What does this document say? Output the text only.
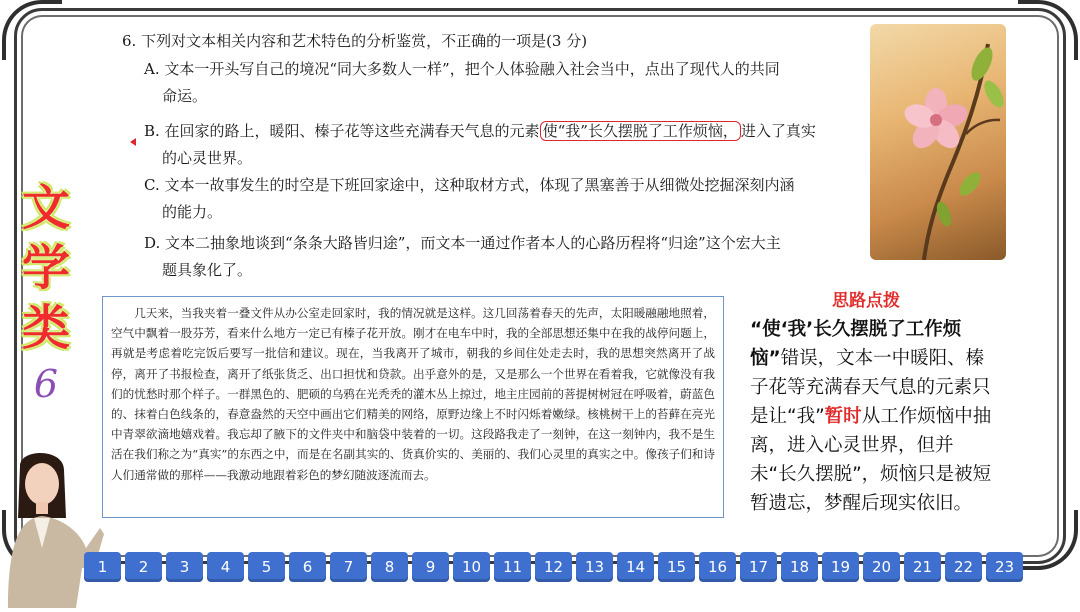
6. 下列对文本相关内容和艺术特色的分析鉴赏，不正确的一项是(3 分)
A. 文本一开头写自己的境况“同大多数人一样”，把个人体验融入社会当中，点出了现代人的共同
命运。
B. 在回家的路上，暖阳、榛子花等这些充满春天气息的元素 使“我”长久摆脱了工作烦恼， 进入了真实
的心灵世界。
C. 文本一故事发生的时空是下班回家途中，这种取材方式，体现了黑塞善于从细微处挖掘深刻内涵
的能力。
D. 文本二抽象地谈到“条条大路皆归途”，而文本一通过作者本人的心路历程将“归途”这个宏大主
题具象化了。
文
学
类
6
几天来，当我夹着一叠文件从办公室走回家时，我的情况就是这样。这几回荡着春天的先声，太阳暖融融地照着，空气中飘着一股芬芳，看来什么地方一定已有榛子花开放。刚才在电车中时，我的全部思想还集中在我的战停问题上，再就是考虑着吃完饭后要写一批信和建议。现在，当我离开了城市，朝我的乡间住处走去时，我的思想突然离开了战停，离开了书报检查，离开了纸张货乏、出口担忧和贷款。出乎意外的是，又是那么一个世界在看着我，它就像没有我们的忧愁时那个样子。一群黑色的、肥硕的乌鸦在光秃秃的灌木丛上掠过，地主庄园前的菩提树树冠在呼吸着，蔚蓝色的、抹着白色线条的，春意盎然的天空中画出它们精美的网络，原野边缘上不时闪烁着嫩绿。核桃树干上的苔藓在亮光中青翠欲滴地嬉戏着。我忘却了腋下的文件夹中和脑袋中装着的一切。这段路我走了一刻钟，在这一刻钟内，我不是生活在我们称之为“真实”的东西之中，而是在名副其实的、货真价实的、美丽的、我们心灵里的真实之中。像孩子们和诗人们通常做的那样——我激动地跟着彩色的梦幻随波逐流而去。
思路点拨
“使‘我’长久摆脱了工作烦恼”错误，文本一中暖阳、榛子花等充满春天气息的元素只是让“我”暂时从工作烦恼中抽离，进入心灵世界，但并未“长久摆脱”，烦恼只是被短暂遗忘，梦醒后现实依旧。
1	2	3	4	5	6	7	8	9	10	11	12	13	14	15	16	17	18	19	20	21	22	23
